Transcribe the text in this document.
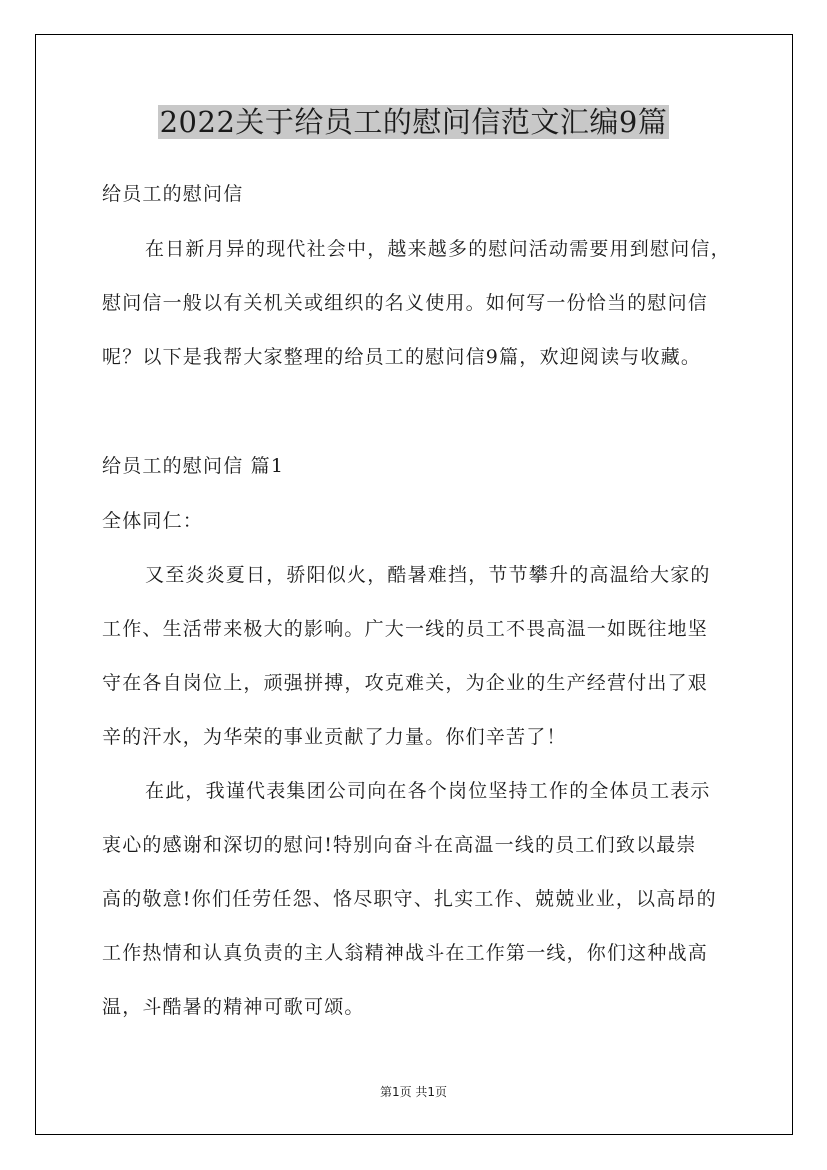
2022关于给员工的慰问信范文汇编9篇
给员工的慰问信
在日新月异的现代社会中，越来越多的慰问活动需要用到慰问信，
慰问信一般以有关机关或组织的名义使用。如何写一份恰当的慰问信
呢？以下是我帮大家整理的给员工的慰问信9篇，欢迎阅读与收藏。
给员工的慰问信 篇1
全体同仁：
又至炎炎夏日，骄阳似火，酷暑难挡，节节攀升的高温给大家的
工作、生活带来极大的影响。广大一线的员工不畏高温一如既往地坚
守在各自岗位上，顽强拼搏，攻克难关，为企业的生产经营付出了艰
辛的汗水，为华荣的事业贡献了力量。你们辛苦了！
在此，我谨代表集团公司向在各个岗位坚持工作的全体员工表示
衷心的感谢和深切的慰问!特别向奋斗在高温一线的员工们致以最崇
高的敬意!你们任劳任怨、恪尽职守、扎实工作、兢兢业业，以高昂的
工作热情和认真负责的主人翁精神战斗在工作第一线，你们这种战高
温，斗酷暑的精神可歌可颂。
第1页 共1页
